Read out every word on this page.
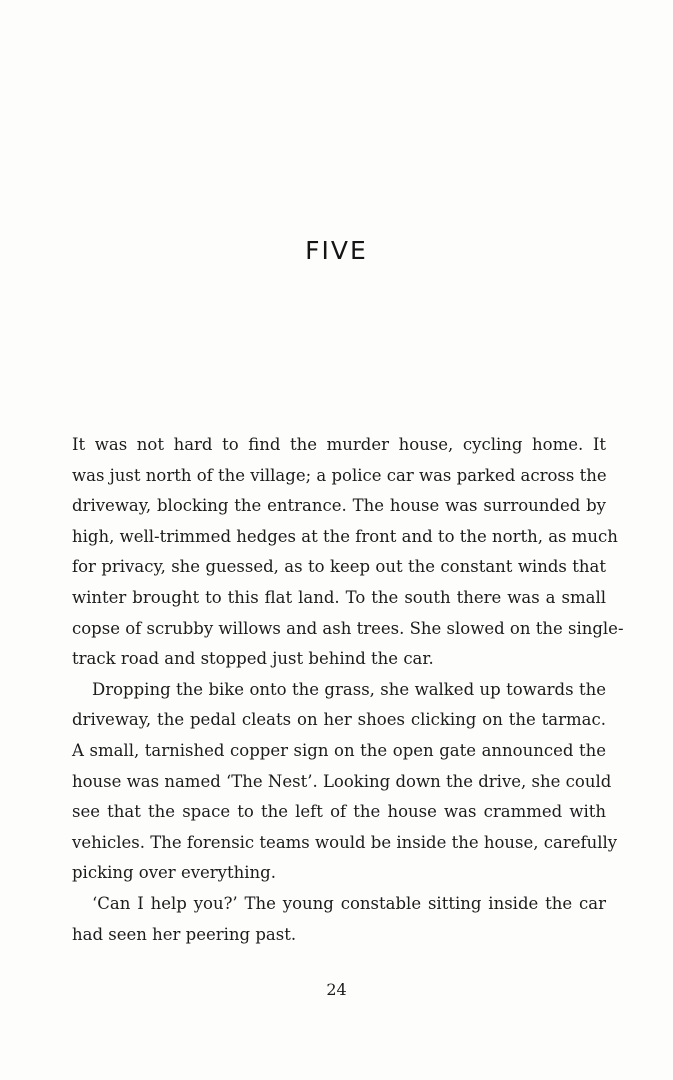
FIVE

It was not hard to find the murder house, cycling home. It
was just north of the village; a police car was parked across the
driveway, blocking the entrance. The house was surrounded by
high, well-trimmed hedges at the front and to the north, as much
for privacy, she guessed, as to keep out the constant winds that
winter brought to this flat land. To the south there was a small
copse of scrubby willows and ash trees. She slowed on the single-
track road and stopped just behind the car.

Dropping the bike onto the grass, she walked up towards the
driveway, the pedal cleats on her shoes clicking on the tarmac.
A small, tarnished copper sign on the open gate announced the
house was named ‘The Nest’. Looking down the drive, she could
see that the space to the left of the house was crammed with
vehicles. The forensic teams would be inside the house, carefully
picking over everything.

‘Can I help you?’ The young constable sitting inside the car
had seen her peering past.

24
